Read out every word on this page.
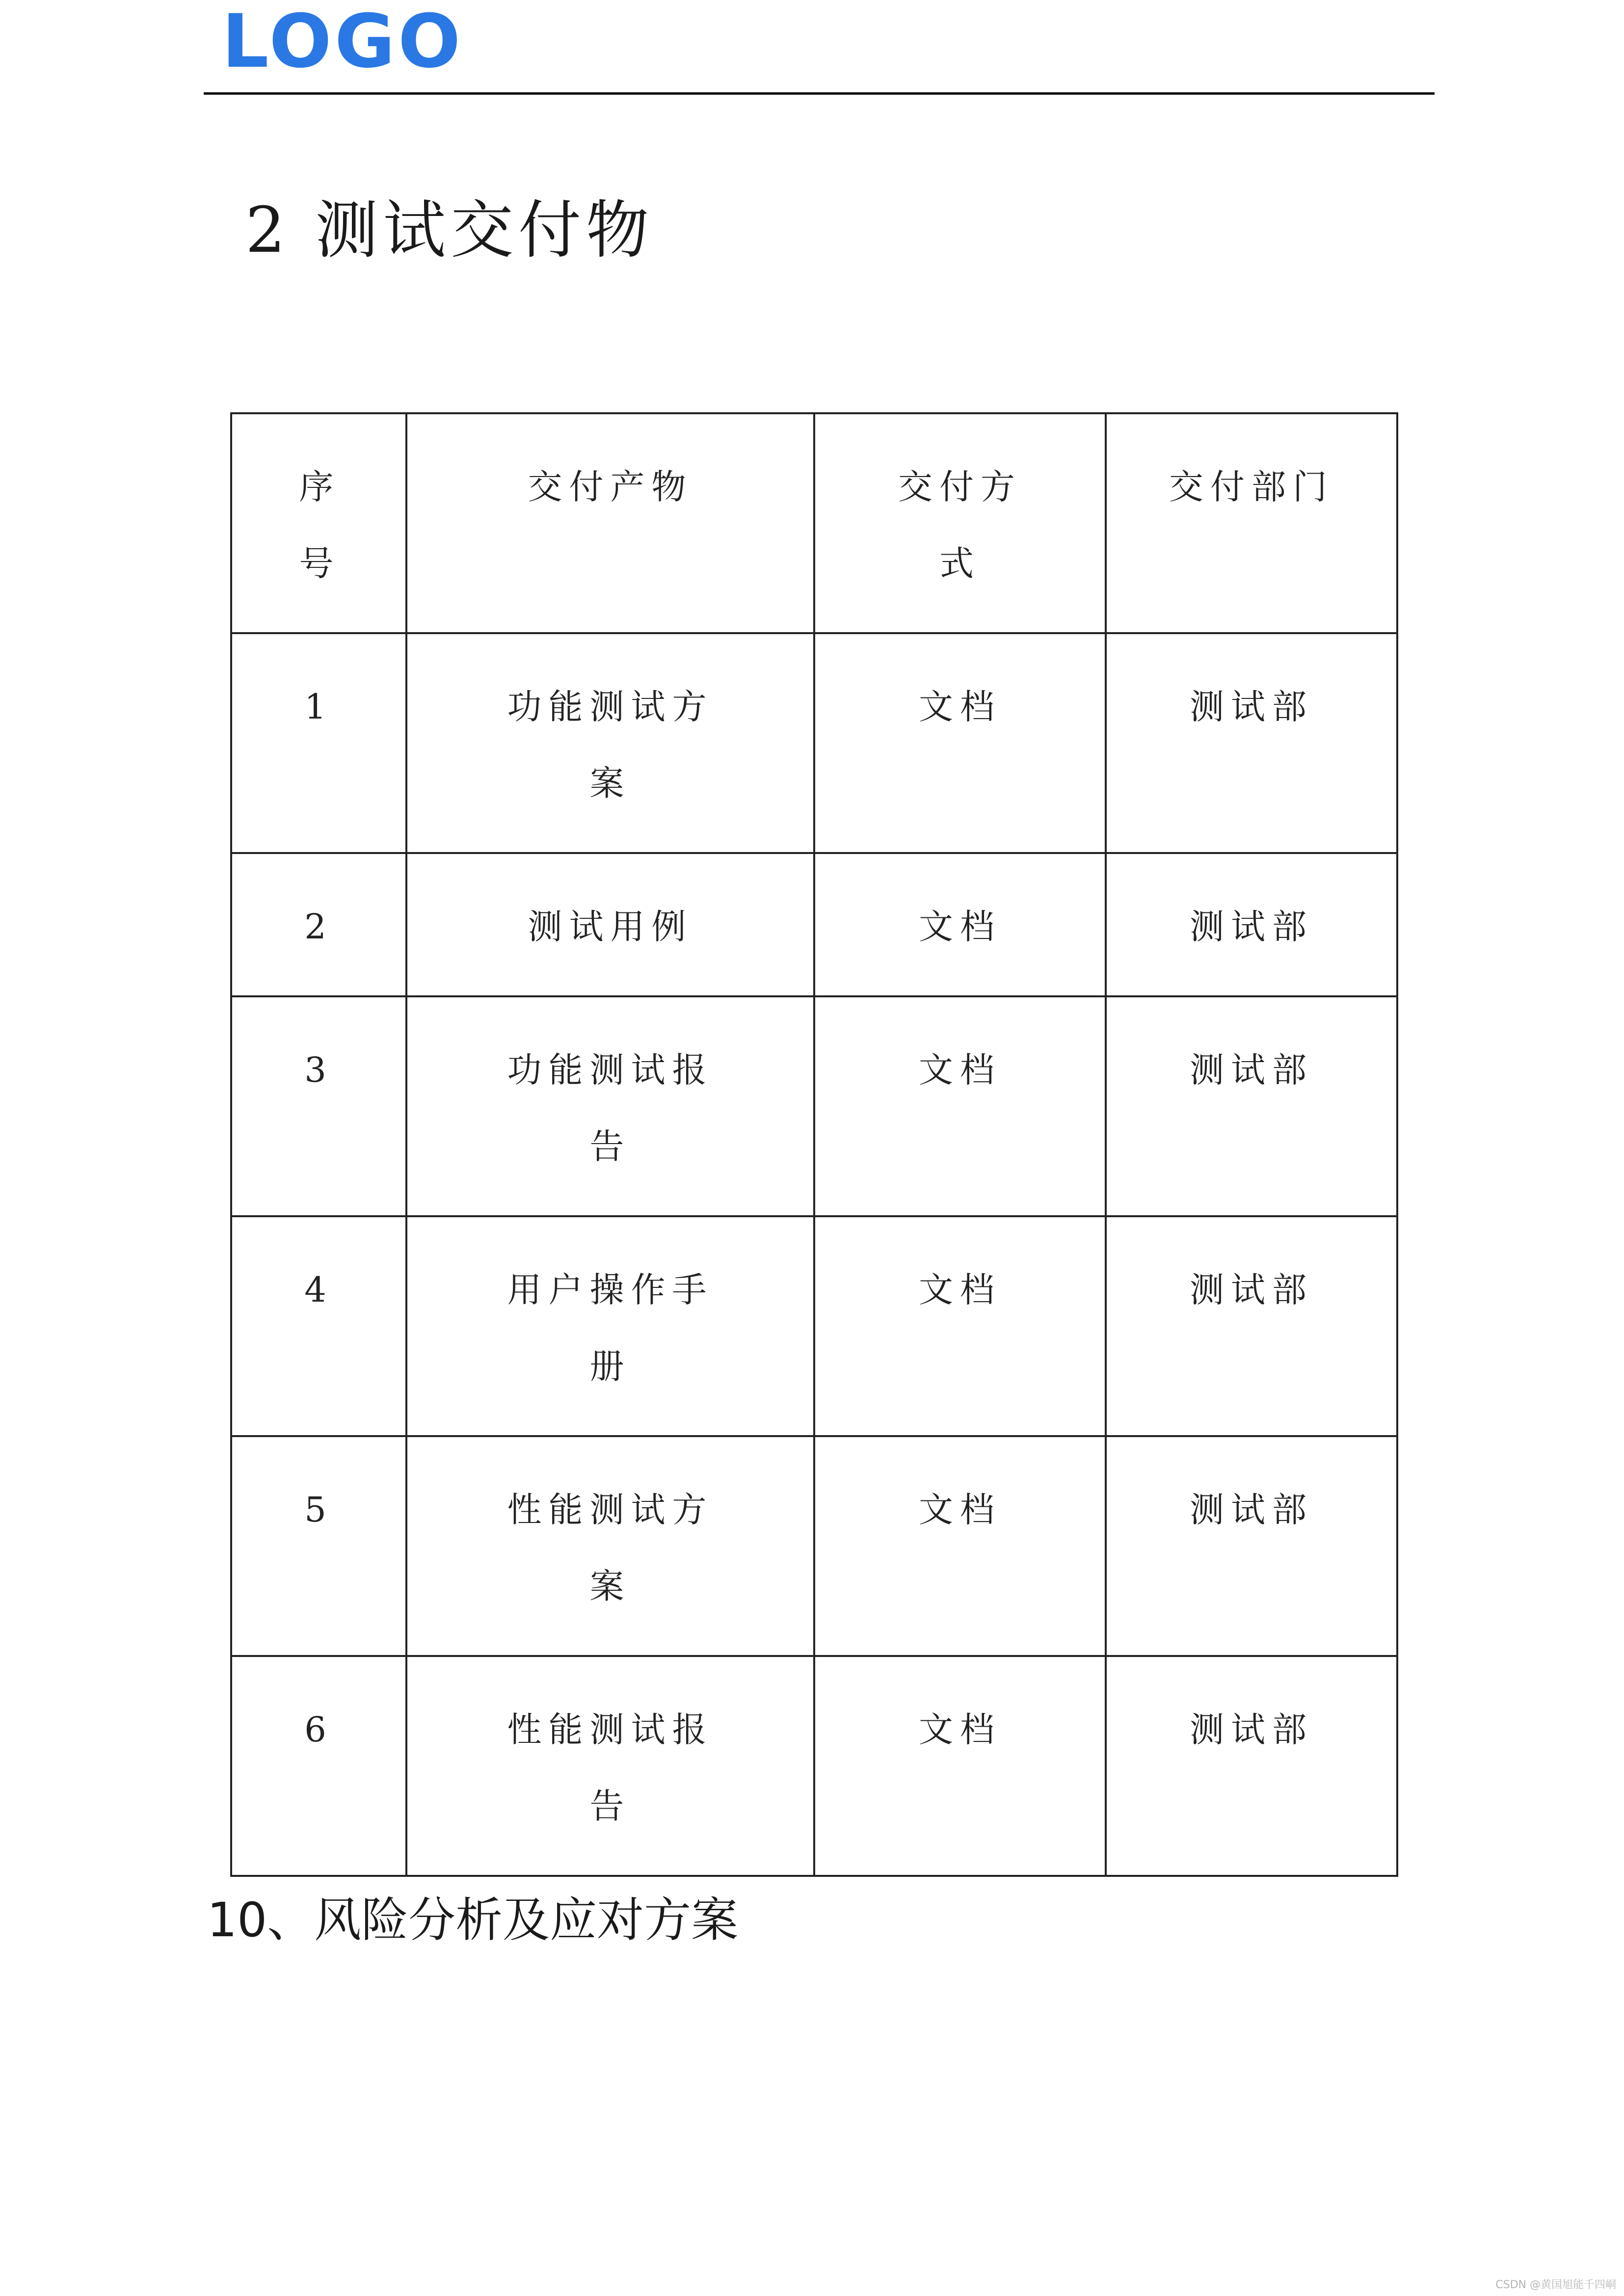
LOGO
2 测试交付物
序号	交付产物	交付方式	交付部门

1	功能测试方案	文档	测试部

2	测试用例	文档	测试部

3	功能测试报告	文档	测试部

4	用户操作手册	文档	测试部

5	性能测试方案	文档	测试部

6	性能测试报告	文档	测试部
10、风险分析及应对方案
CSDN @黄国旭能千四峒
